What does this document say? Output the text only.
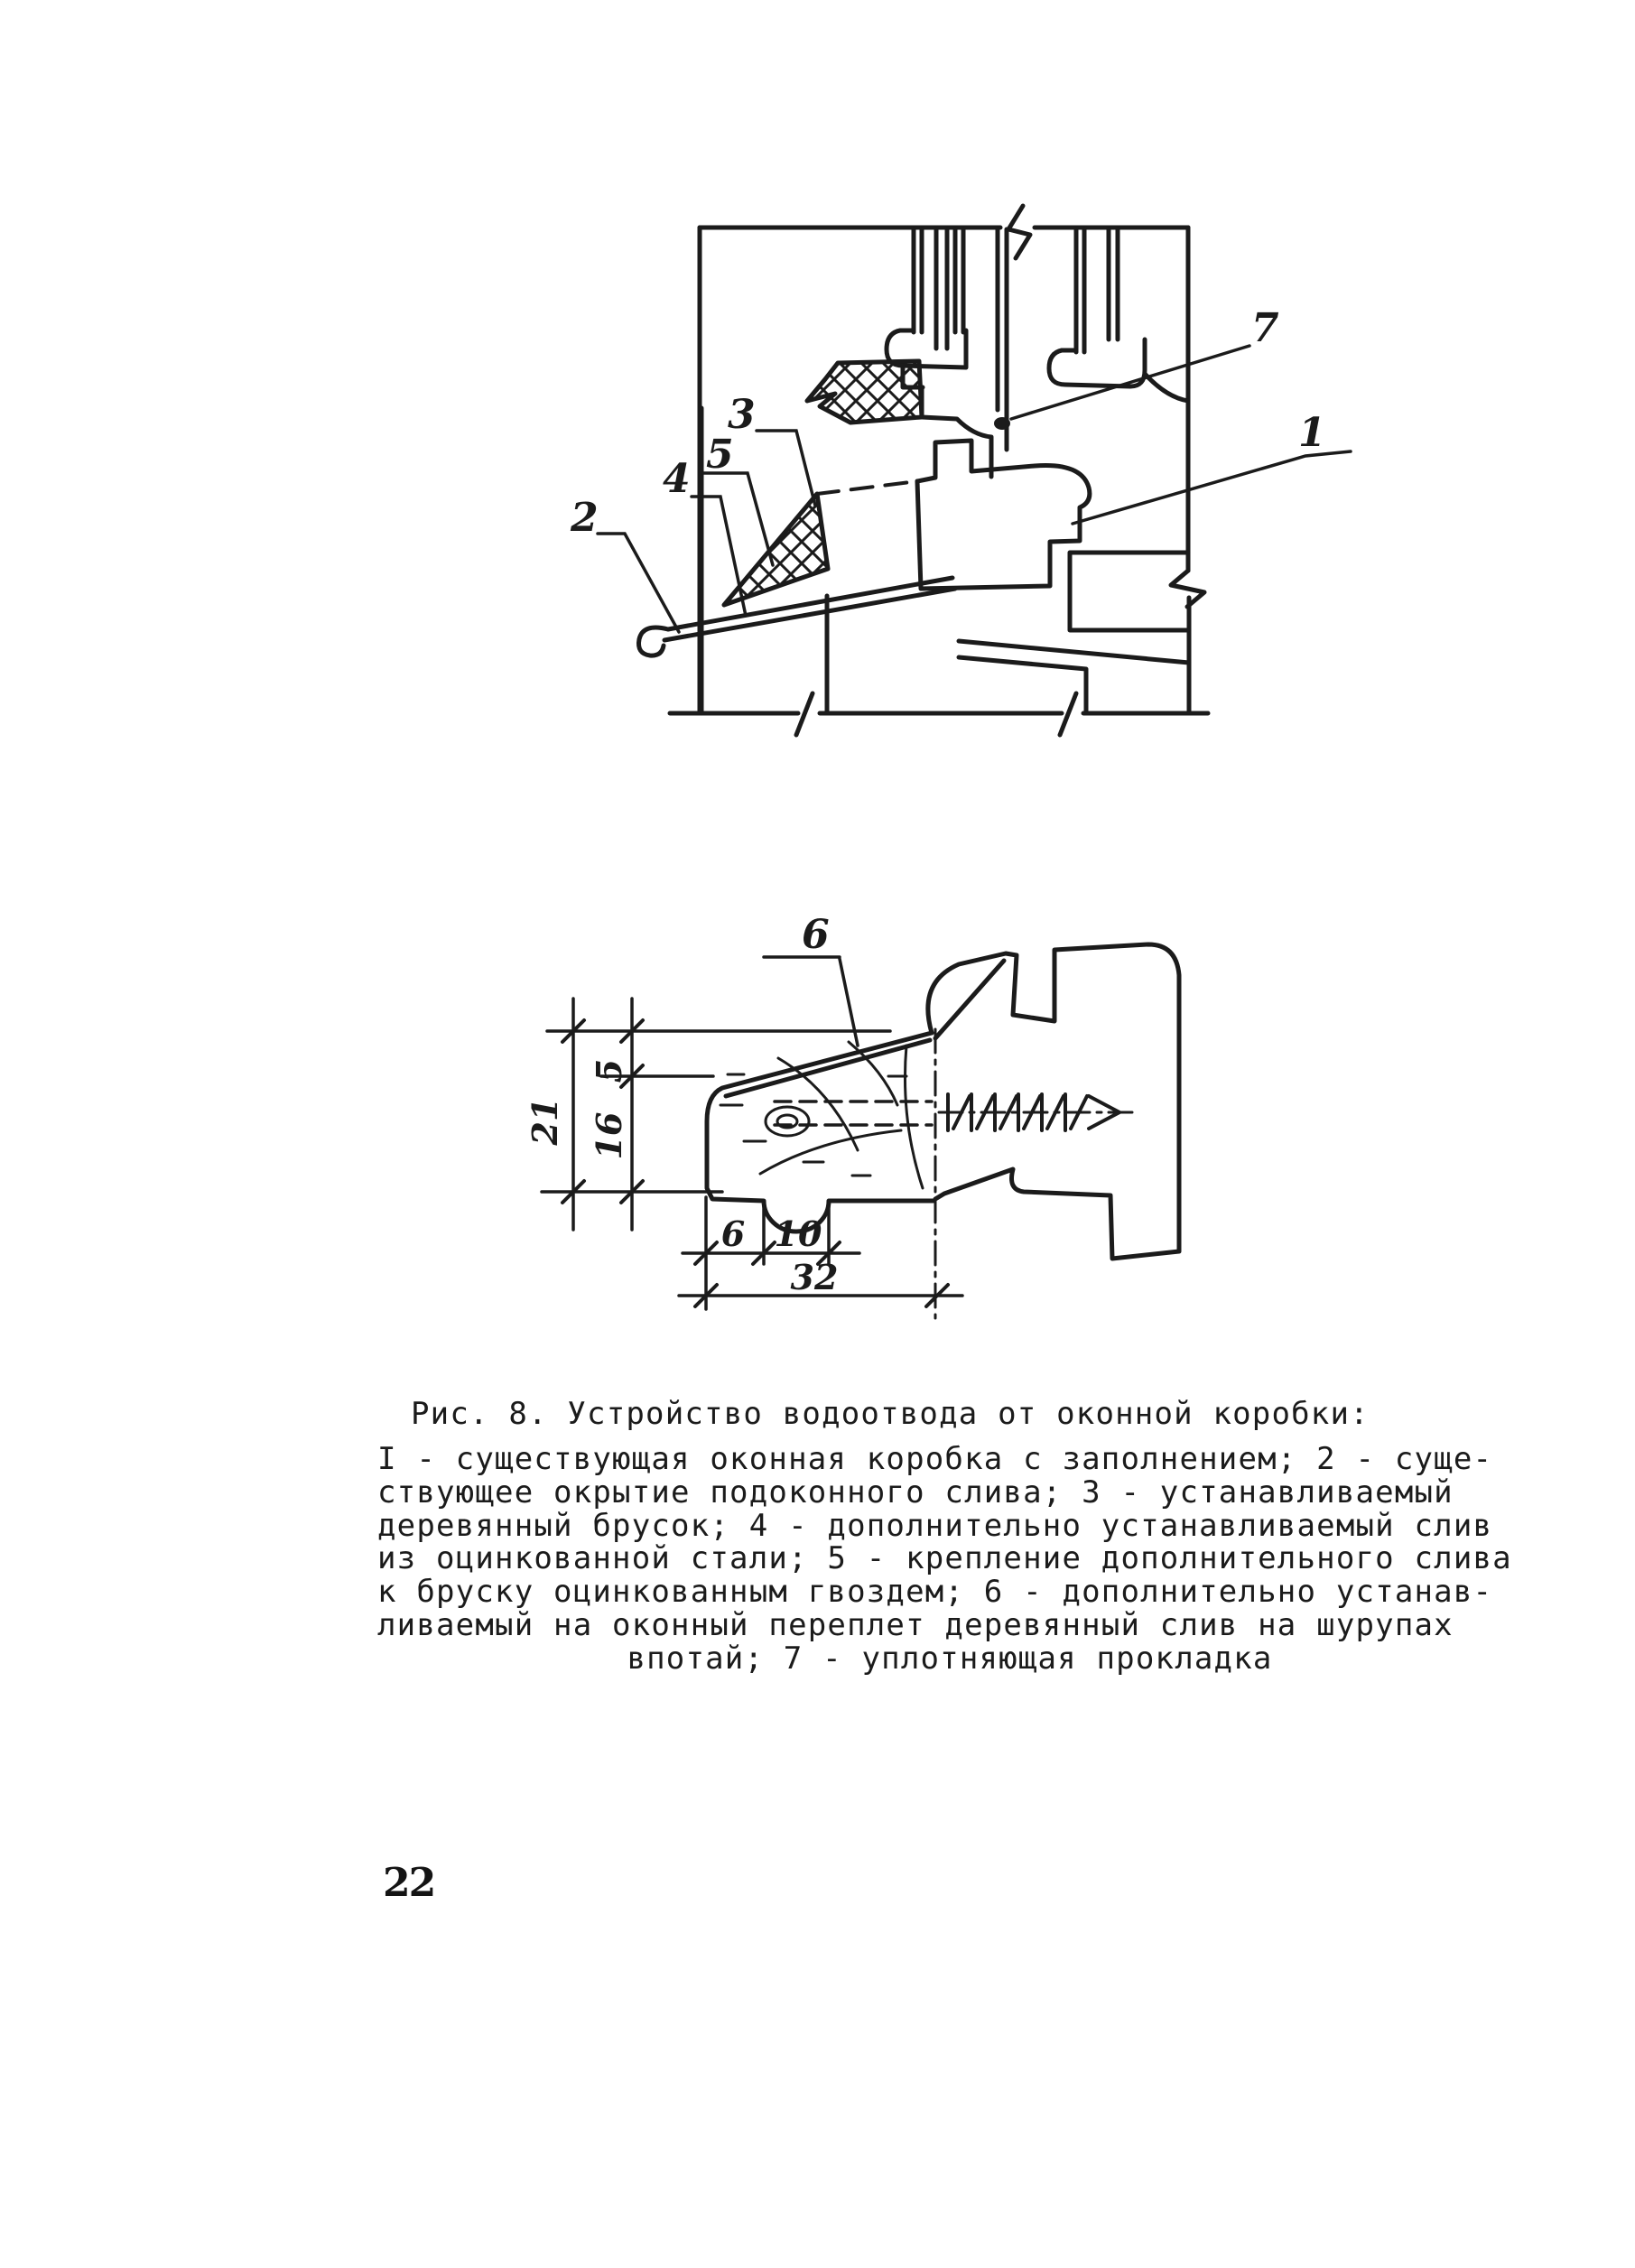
7
1
3
5
4
2
21 16
5
6 10
32
6
Рис. 8. Устройство водоотвода от оконной коробки:
I - существующая оконная коробка с заполнением; 2 - суще-
ствующее окрытие подоконного слива; 3 - устанавливаемый
деревянный брусок; 4 - дополнительно устанавливаемый слив
из оцинкованной стали; 5 - крепление дополнительного слива
к бруску оцинкованным гвоздем; 6 - дополнительно устанав-
ливаемый на оконный переплет деревянный слив на шурупах
впотай; 7 - уплотняющая прокладка
22
